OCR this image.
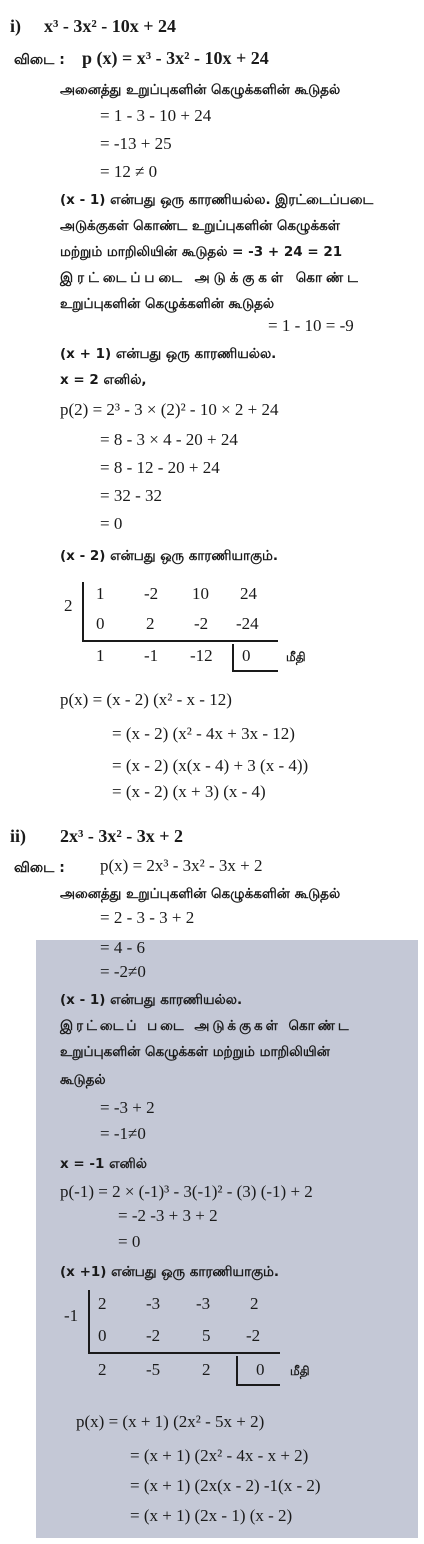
i) x³ - 3x² - 10x + 24
விடை : p (x) = x³ - 3x² - 10x + 24
அனைத்து உறுப்புகளின் கெழுக்களின் கூடுதல்
= 1 - 3 - 10 + 24
= -13 + 25
= 12 ≠ 0
(x - 1) என்பது ஒரு காரணியல்ல. இரட்டைப்படை
அடுக்குகள் கொண்ட உறுப்புகளின் கெழுக்கள்
மற்றும் மாறிலியின் கூடுதல் = -3 + 24 = 21
இரட்டைப்படை அடுக்குகள் கொண்ட
உறுப்புகளின் கெழுக்களின் கூடுதல்
= 1 - 10 = -9
(x + 1) என்பது ஒரு காரணியல்ல.
x = 2 எனில்,
p(2) = 2³ - 3 × (2)² - 10 × 2 + 24
= 8 - 3 × 4 - 20 + 24
= 8 - 12 - 20 + 24
= 32 - 32
= 0
(x - 2) என்பது ஒரு காரணியாகும்.
2
1 -2 10 24
0 2 -2 -24
1 -1 -12 0	மீதி
p(x) = (x - 2) (x² - x - 12)
= (x - 2) (x² - 4x + 3x - 12)
= (x - 2) (x(x - 4) + 3 (x - 4))
= (x - 2) (x + 3) (x - 4)
ii) 2x³ - 3x² - 3x + 2
விடை : p(x) = 2x³ - 3x² - 3x + 2
அனைத்து உறுப்புகளின் கெழுக்களின் கூடுதல்
= 2 - 3 - 3 + 2
= 4 - 6
= -2≠0
(x - 1) என்பது காரணியல்ல.
இரட்டைப் படை அடுக்குகள் கொண்ட
உறுப்புகளின் கெழுக்கள் மற்றும் மாறிலியின்
கூடுதல்
= -3 + 2
= -1≠0
x = -1 எனில்
p(-1) = 2 × (-1)³ - 3(-1)² - (3) (-1) + 2
= -2 -3 + 3 + 2
= 0
(x +1) என்பது ஒரு காரணியாகும்.
-1
2 -3 -3 2
0 -2 5 -2
2 -5 2	0 மீதி
p(x) = (x + 1) (2x² - 5x + 2)
= (x + 1) (2x² - 4x - x + 2)
= (x + 1) (2x(x - 2) -1(x - 2)
= (x + 1) (2x - 1) (x - 2)
